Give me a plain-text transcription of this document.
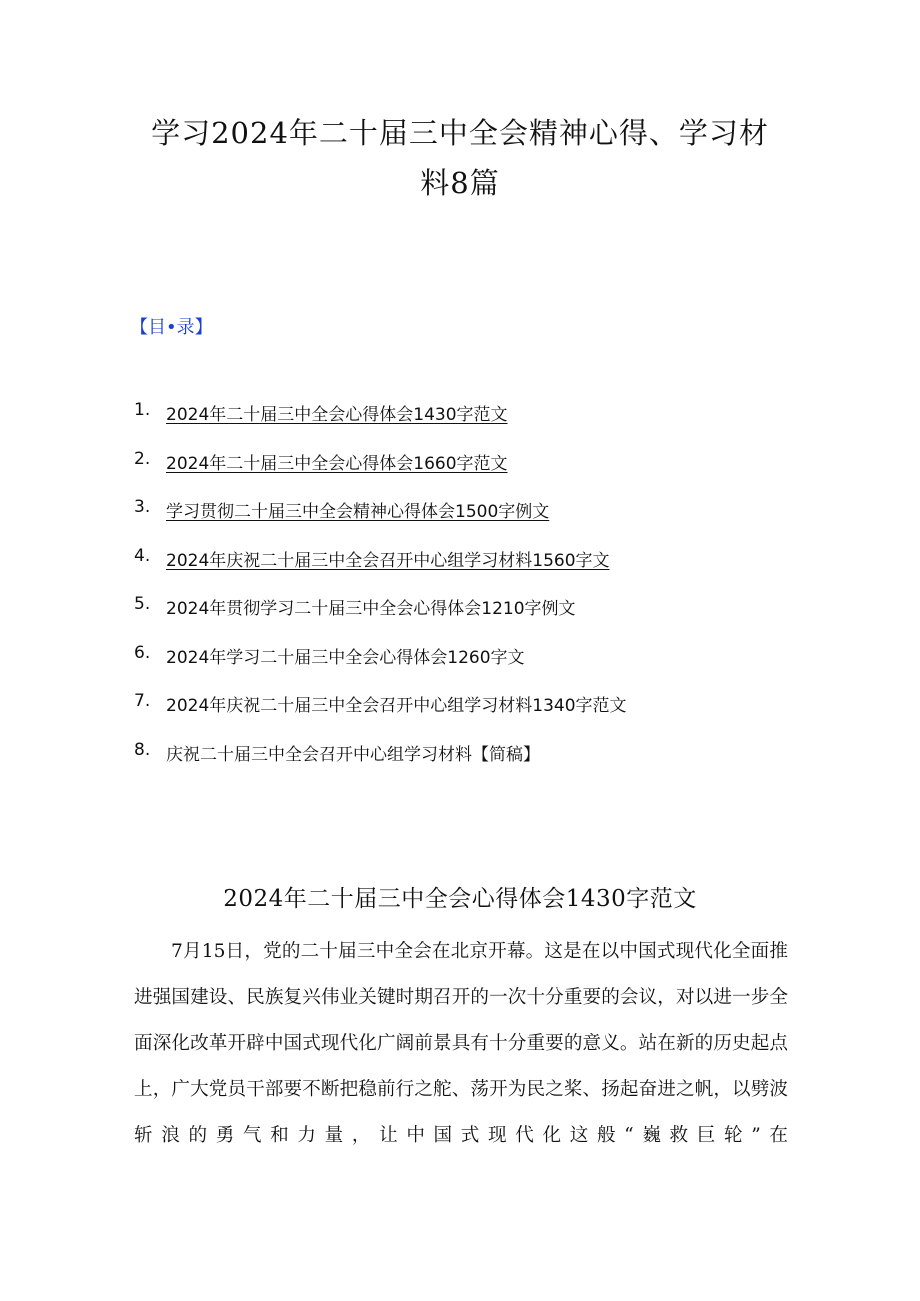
学习2024年二十届三中全会精神心得、学习材
料8篇
【目•录】
1. 2024年二十届三中全会心得体会1430字范文
2. 2024年二十届三中全会心得体会1660字范文
3. 学习贯彻二十届三中全会精神心得体会1500字例文
4. 2024年庆祝二十届三中全会召开中心组学习材料1560字文
5. 2024年贯彻学习二十届三中全会心得体会1210字例文
6. 2024年学习二十届三中全会心得体会1260字文
7. 2024年庆祝二十届三中全会召开中心组学习材料1340字范文
8. 庆祝二十届三中全会召开中心组学习材料【简稿】
2024年二十届三中全会心得体会1430字范文

7月15日，党的二十届三中全会在北京开幕。这是在以中国式现代化全面推进强国建设、民族复兴伟业关键时期召开的一次十分重要的会议，对以进一步全面深化改革开辟中国式现代化广阔前景具有十分重要的意义。站在新的历史起点上，广大党员干部要不断把稳前行之舵、荡开为民之桨、扬起奋进之帆，以劈波斩浪的勇气和力量，让中国式现代化这般“巍救巨轮”在
